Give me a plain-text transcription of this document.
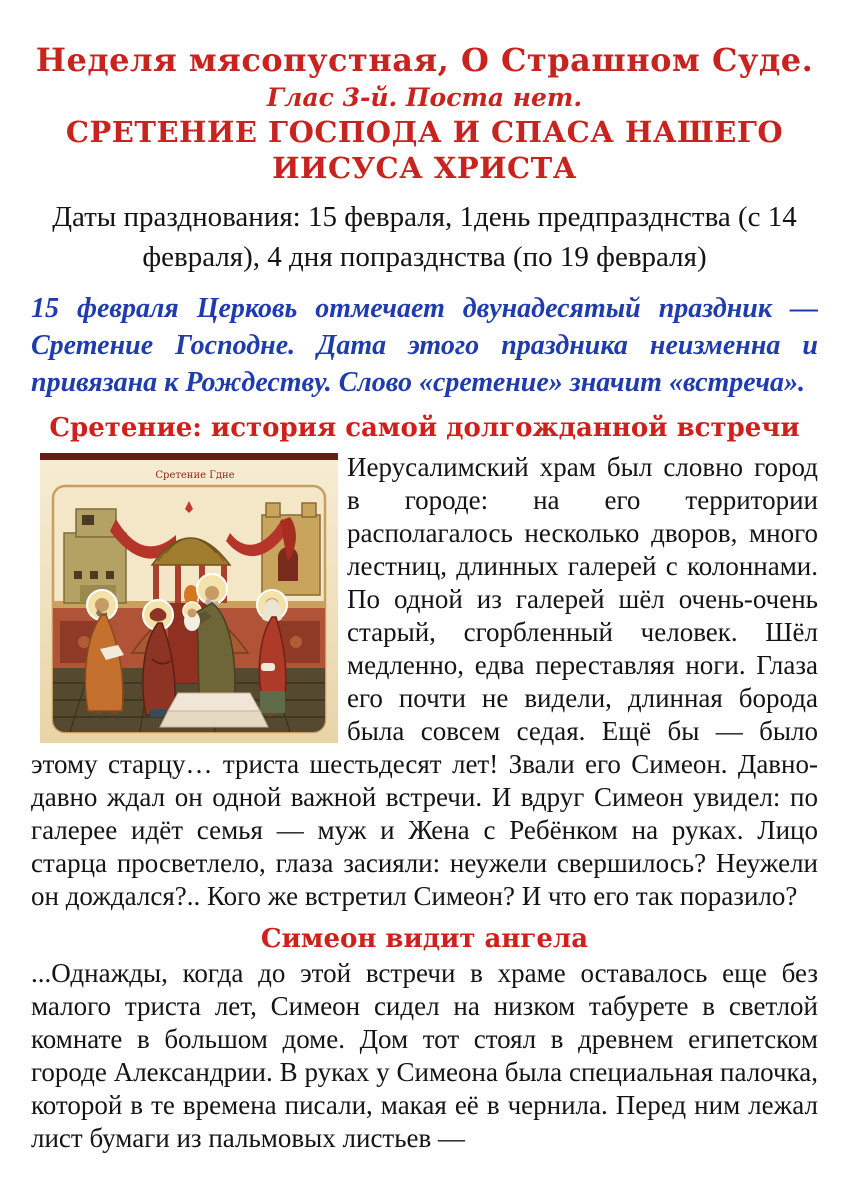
Неделя мясопустная, О Страшном Суде.
Глас 3-й. Поста нет.
СРЕТЕНИЕ ГОСПОДА И СПАСА НАШЕГО ИИСУСА ХРИСТА
Даты празднования: 15 февраля, 1день предпразднства (с 14 февраля), 4 дня попразднства (по 19 февраля)
15 февраля Церковь отмечает двунадесятый праздник — Сретение Господне. Дата этого праздника неизменна и привязана к Рождеству. Слово «сретение» значит «встреча».
Сретение: история самой долгожданной встречи
Сретение Гдне	Иерусалимский храм был словно город в городе: на его территории располагалось несколько дворов, много лестниц, длинных галерей с колоннами. По одной из галерей шёл очень-очень старый, сгорбленный человек. Шёл медленно, едва переставляя ноги. Глаза его почти не видели, длинная борода была совсем седая. Ещё бы — было этому старцу… триста шестьдесят лет! Звали его Симеон. Давно-давно ждал он одной важной встречи. И вдруг Симеон увидел: по галерее идёт семья — муж и Жена с Ребёнком на руках. Лицо старца просветлело, глаза засияли: неужели свершилось? Неужели он дождался?.. Кого же встретил Симеон? И что его так поразило?
Симеон видит ангела
...Однажды, когда до этой встречи в храме оставалось еще без малого триста лет, Симеон сидел на низком табурете в светлой комнате в большом доме. Дом тот стоял в древнем египетском городе Александрии. В руках у Симеона была специальная палочка, которой в те времена писали, макая её в чернила. Перед ним лежал лист бумаги из пальмовых листьев —
